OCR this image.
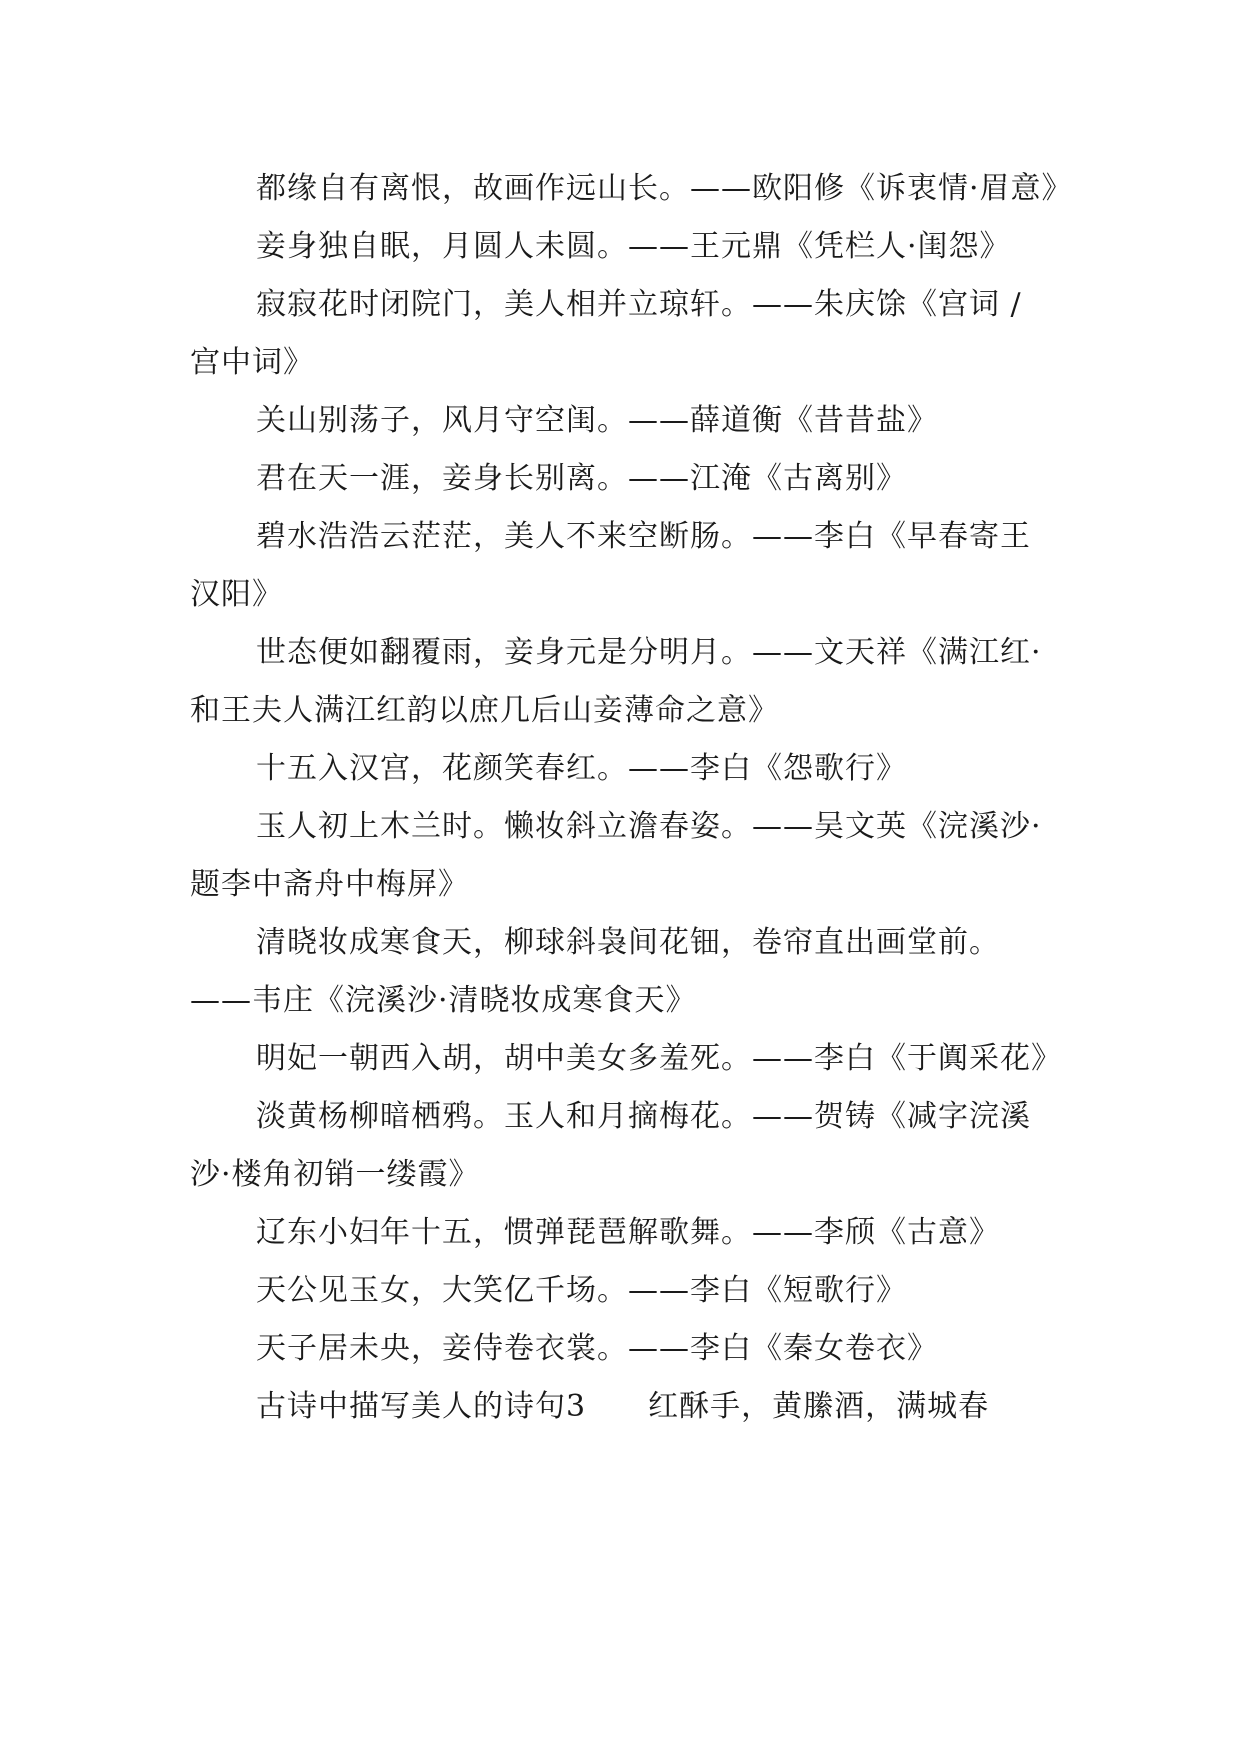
都缘自有离恨，故画作远山长。——欧阳修《诉衷情·眉意》

妾身独自眠，月圆人未圆。——王元鼎《凭栏人·闺怨》

寂寂花时闭院门，美人相并立琼轩。——朱庆馀《宫词 / 宫中词》

关山别荡子，风月守空闺。——薛道衡《昔昔盐》

君在天一涯，妾身长别离。——江淹《古离别》

碧水浩浩云茫茫，美人不来空断肠。——李白《早春寄王汉阳》

世态便如翻覆雨，妾身元是分明月。——文天祥《满江红·和王夫人满江红韵以庶几后山妾薄命之意》

十五入汉宫，花颜笑春红。——李白《怨歌行》

玉人初上木兰时。懒妆斜立澹春姿。——吴文英《浣溪沙·题李中斋舟中梅屏》

清晓妆成寒食天，柳球斜袅间花钿，卷帘直出画堂前。——韦庄《浣溪沙·清晓妆成寒食天》

明妃一朝西入胡，胡中美女多羞死。——李白《于阗采花》

淡黄杨柳暗栖鸦。玉人和月摘梅花。——贺铸《减字浣溪沙·楼角初销一缕霞》

辽东小妇年十五，惯弹琵琶解歌舞。——李颀《古意》

天公见玉女，大笑亿千场。——李白《短歌行》

天子居未央，妾侍卷衣裳。——李白《秦女卷衣》

古诗中描写美人的诗句3　　红酥手，黄縢酒，满城春
